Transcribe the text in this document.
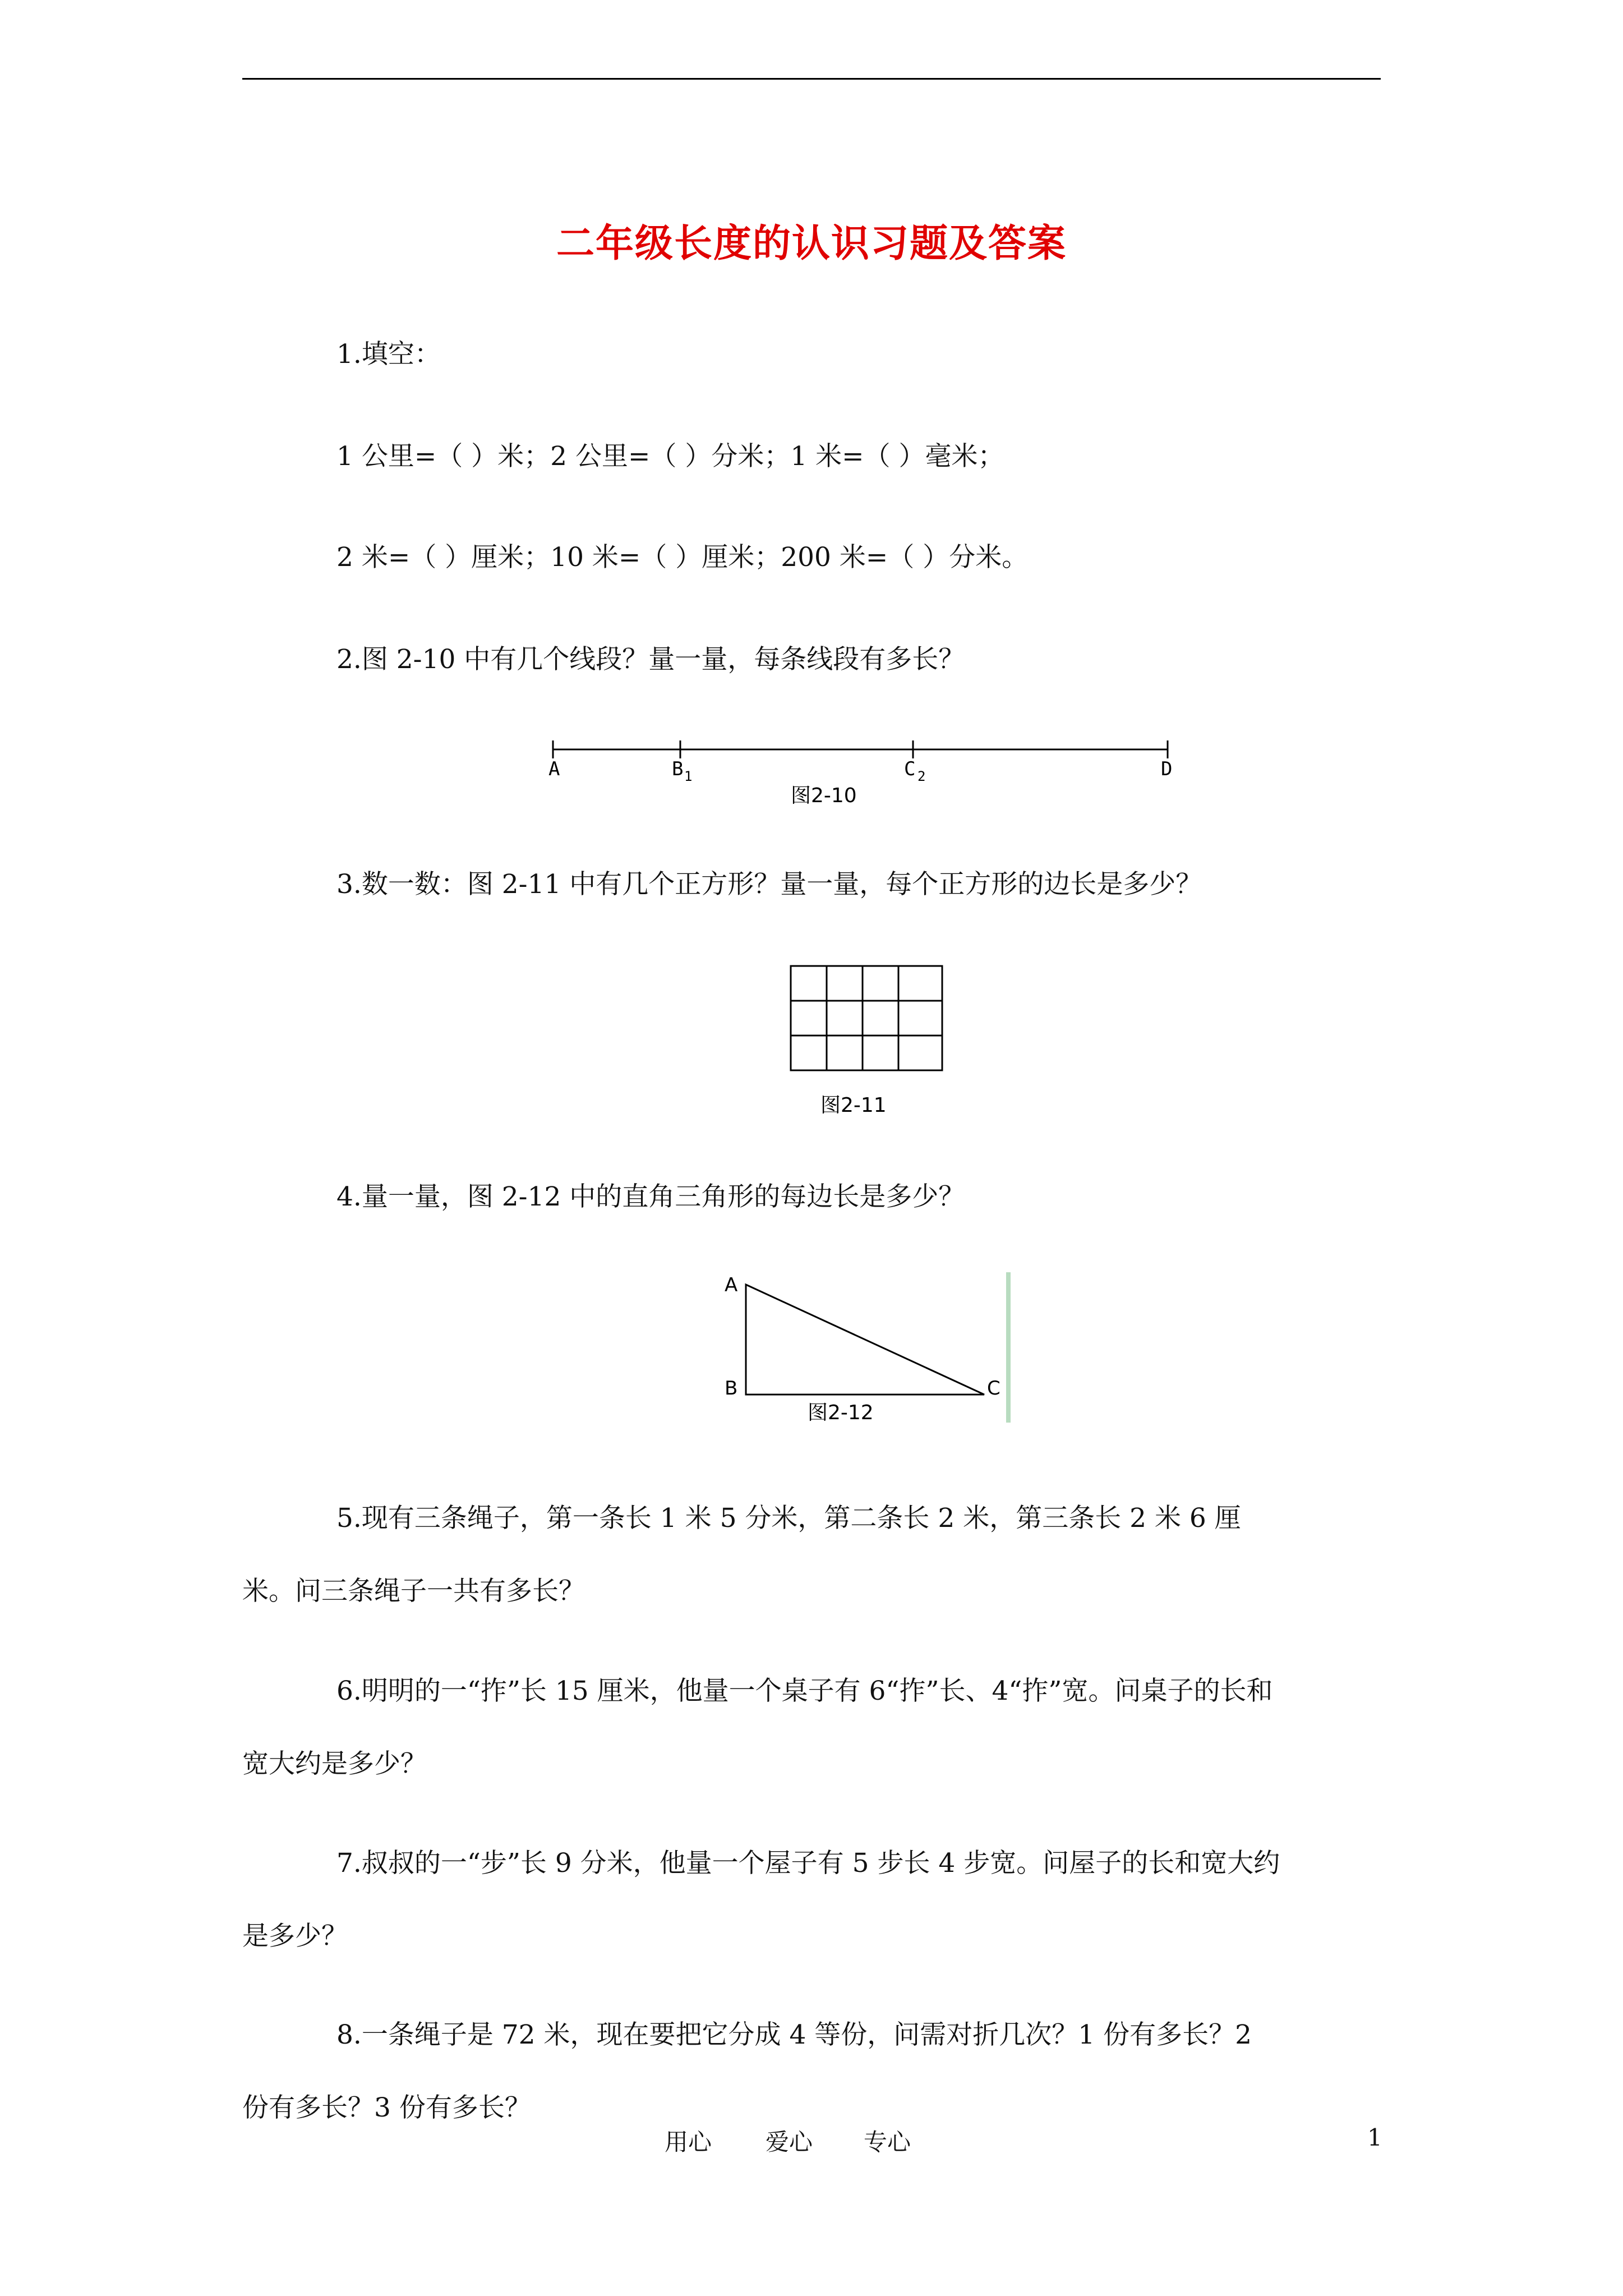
二年级长度的认识习题及答案
1.填空：
1 公里=（ ）米；2 公里=（ ）分米；1 米=（ ）毫米；
2 米=（ ）厘米；10 米=（ ）厘米；200 米=（ ）分米。
2.图 2-10 中有几个线段？量一量，每条线段有多长？
A	B 1	C 2	D
图2-10
3.数一数：图 2-11 中有几个正方形？量一量，每个正方形的边长是多少？
图2-11
4.量一量，图 2-12 中的直角三角形的每边长是多少？
A
B	C
图2-12
5.现有三条绳子，第一条长 1 米 5 分米，第二条长 2 米，第三条长 2 米 6 厘米。问三条绳子一共有多长？
6.明明的一“拃”长 15 厘米，他量一个桌子有 6“拃”长、4“拃”宽。问桌子的长和宽大约是多少？
7.叔叔的一“步”长 9 分米，他量一个屋子有 5 步长 4 步宽。问屋子的长和宽大约是多少？
8.一条绳子是 72 米，现在要把它分成 4 等份，问需对折几次？1 份有多长？2 份有多长？3 份有多长？
用心 爱心 专心	1
